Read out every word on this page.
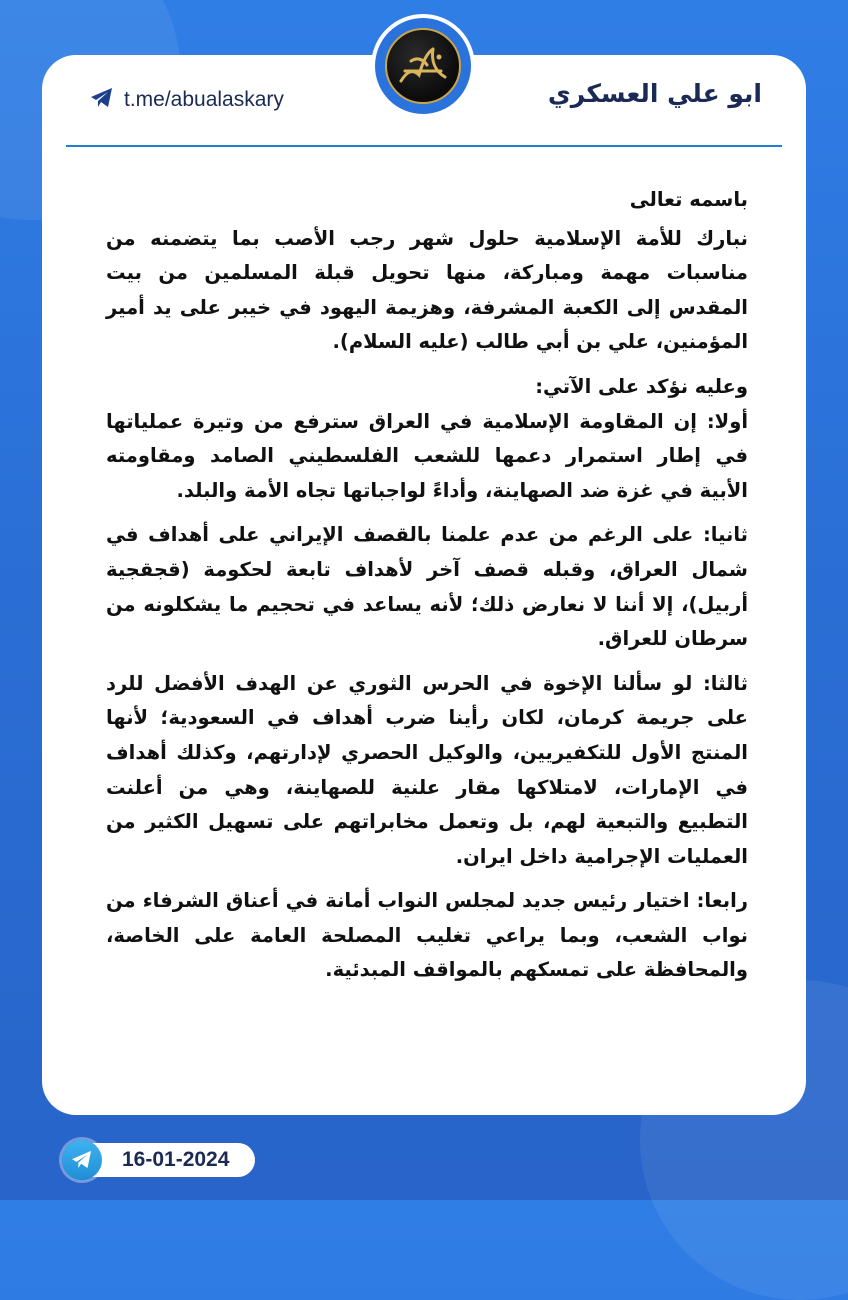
t.me/abualaskary	ابو علي العسكري

باسمه تعالى

نبارك للأمة الإسلامية حلول شهر رجب الأصب بما يتضمنه من مناسبات مهمة ومباركة، منها تحويل قبلة المسلمين من بيت المقدس إلى الكعبة المشرفة، وهزيمة اليهود في خيبر على يد أمير المؤمنين، علي بن أبي طالب (عليه السلام).

وعليه نؤكد على الآتي:

أولا: إن المقاومة الإسلامية في العراق سترفع من وتيرة عملياتها في إطار استمرار دعمها للشعب الفلسطيني الصامد ومقاومته الأبية في غزة ضد الصهاينة، وأداءً لواجباتها تجاه الأمة والبلد.

ثانيا: على الرغم من عدم علمنا بالقصف الإيراني على أهداف في شمال العراق، وقبله قصف آخر لأهداف تابعة لحكومة (قجقجية أربيل)، إلا أننا لا نعارض ذلك؛ لأنه يساعد في تحجيم ما يشكلونه من سرطان للعراق.

ثالثا: لو سألنا الإخوة في الحرس الثوري عن الهدف الأفضل للرد على جريمة كرمان، لكان رأينا ضرب أهداف في السعودية؛ لأنها المنتج الأول للتكفيريين، والوكيل الحصري لإدارتهم، وكذلك أهداف في الإمارات، لامتلاكها مقار علنية للصهاينة، وهي من أعلنت التطبيع والتبعية لهم، بل وتعمل مخابراتهم على تسهيل الكثير من العمليات الإجرامية داخل ايران.

رابعا: اختيار رئيس جديد لمجلس النواب أمانة في أعناق الشرفاء من نواب الشعب، وبما يراعي تغليب المصلحة العامة على الخاصة، والمحافظة على تمسكهم بالمواقف المبدئية.

16-01-2024
